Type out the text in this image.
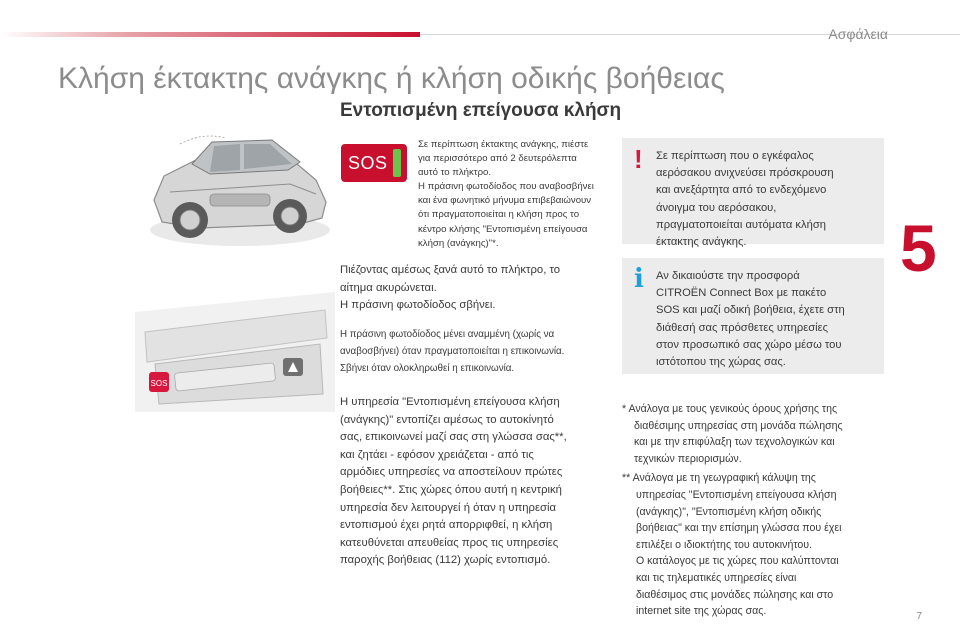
Ασφάλεια
Κλήση έκτακτης ανάγκης ή κλήση οδικής βοήθειας
Εντοπισμένη επείγουσα κλήση
SOS
SOS
Σε περίπτωση έκτακτης ανάγκης, πιέστε
για περισσότερο από 2 δευτερόλεπτα
αυτό το πλήκτρο.
Η πράσινη φωτοδίοδος που αναβοσβήνει
και ένα φωνητικό μήνυμα επιβεβαιώνουν
ότι πραγματοποιείται η κλήση προς το
κέντρο κλήσης "Εντοπισμένη επείγουσα
κλήση (ανάγκης)"*.
Πιέζοντας αμέσως ξανά αυτό το πλήκτρο, το
αίτημα ακυρώνεται.
Η πράσινη φωτοδίοδος σβήνει.
Η πράσινη φωτοδίοδος μένει αναμμένη (χωρίς να
αναβοσβήνει) όταν πραγματοποιείται η επικοινωνία.
Σβήνει όταν ολοκληρωθεί η επικοινωνία.
Η υπηρεσία "Εντοπισμένη επείγουσα κλήση
(ανάγκης)" εντοπίζει αμέσως το αυτοκίνητό
σας, επικοινωνεί μαζί σας στη γλώσσα σας**,
και ζητάει - εφόσον χρειάζεται - από τις
αρμόδιες υπηρεσίες να αποστείλουν πρώτες
βοήθειες**. Στις χώρες όπου αυτή η κεντρική
υπηρεσία δεν λειτουργεί ή όταν η υπηρεσία
εντοπισμού έχει ρητά απορριφθεί, η κλήση
κατευθύνεται απευθείας προς τις υπηρεσίες
παροχής βοήθειας (112) χωρίς εντοπισμό.
! Σε περίπτωση που ο εγκέφαλος
αερόσακου ανιχνεύσει πρόσκρουση
και ανεξάρτητα από το ενδεχόμενο
άνοιγμα του αερόσακου,
πραγματοποιείται αυτόματα κλήση
έκτακτης ανάγκης.
i Αν δικαιούστε την προσφορά
CITROËN Connect Box με πακέτο
SOS και μαζί οδική βοήθεια, έχετε στη
διάθεσή σας πρόσθετες υπηρεσίες
στον προσωπικό σας χώρο μέσω του
ιστότοπου της χώρας σας.
* Ανάλογα με τους γενικούς όρους χρήσης της
διαθέσιμης υπηρεσίας στη μονάδα πώλησης
και με την επιφύλαξη των τεχνολογικών και
τεχνικών περιορισμών.
** Ανάλογα με τη γεωγραφική κάλυψη της
υπηρεσίας "Εντοπισμένη επείγουσα κλήση
(ανάγκης)", "Εντοπισμένη κλήση οδικής
βοήθειας" και την επίσημη γλώσσα που έχει
επιλέξει ο ιδιοκτήτης του αυτοκινήτου.
Ο κατάλογος με τις χώρες που καλύπτονται
και τις τηλεματικές υπηρεσίες είναι
διαθέσιμος στις μονάδες πώλησης και στο
internet site της χώρας σας.
5
7
